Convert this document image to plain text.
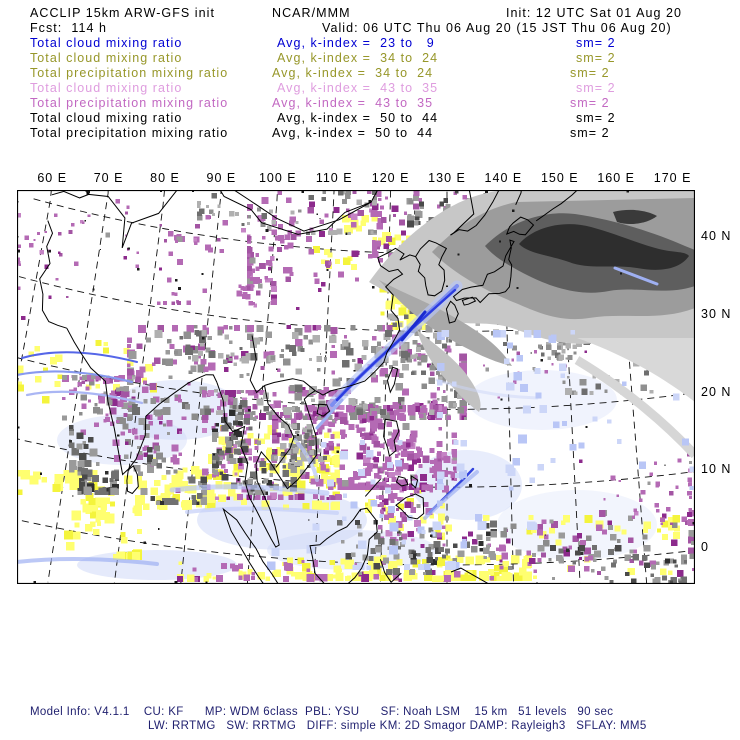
ACCLIP 15km ARW-GFS init	NCAR/MMM	Init: 12 UTC Sat 01 Aug 20
Fcst:  114 h	Valid: 06 UTC Thu 06 Aug 20 (15 JST Thu 06 Aug 20)
Total cloud mixing ratio	Avg, k-index =  23 to   9	sm= 2
Total cloud mixing ratio	Avg, k-index =  34 to  24	sm= 2
Total precipitation mixing ratio	Avg, k-index =  34 to  24	sm= 2
Total cloud mixing ratio	Avg, k-index =  43 to  35	sm= 2
Total precipitation mixing ratio	Avg, k-index =  43 to  35	sm= 2
Total cloud mixing ratio	Avg, k-index =  50 to  44	sm= 2
Total precipitation mixing ratio	Avg, k-index =  50 to  44	sm= 2
60 E 70 E 80 E 90 E 100 E 110 E 120 E 130 E 140 E 150 E 160 E 170 E
40 N
30 N
20 N
10 N
0
Model Info: V4.1.1    CU: KF      MP: WDM 6class  PBL: YSU      SF: Noah LSM    15 km   51 levels   90 sec
LW: RRTMG   SW: RRTMG   DIFF: simple KM: 2D Smagor DAMP: Rayleigh3   SFLAY: MM5
